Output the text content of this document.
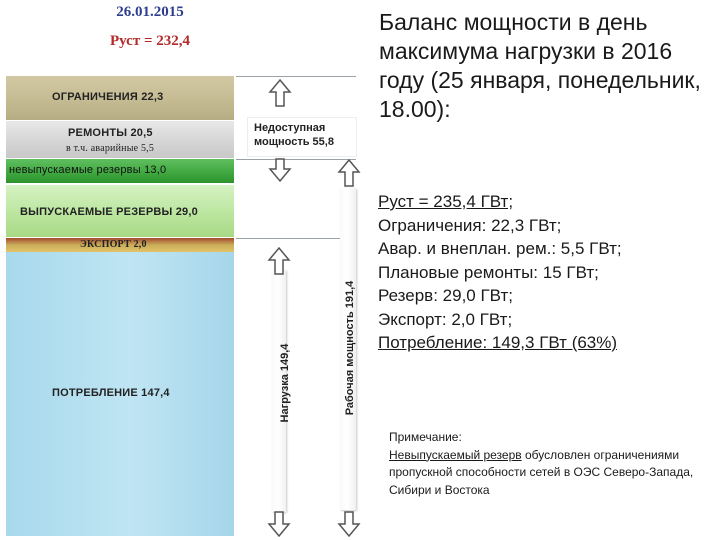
26.01.2015
Руст = 232,4
ОГРАНИЧЕНИЯ 22,3
РЕМОНТЫ 20,5
в т.ч. аварийные 5,5
невыпускаемые резервы 13,0
ВЫПУСКАЕМЫЕ РЕЗЕРВЫ 29,0
ЭКСПОРТ 2,0
ПОТРЕБЛЕНИЕ 147,4
Недоступная
мощность 55,8
Нагрузка 149,4	Рабочая мощность 191,4
Баланс мощности в день максимума нагрузки в 2016 году (25 января, понедельник, 18.00):
Руст = 235,4 ГВт;
Ограничения: 22,3 ГВт;
Авар. и внеплан. рем.: 5,5 ГВт;
Плановые ремонты: 15 ГВт;
Резерв: 29,0 ГВт;
Экспорт: 2,0 ГВт;
Потребление: 149,3 ГВт (63%)
Примечание:
Невыпускаемый резерв обусловлен ограничениями пропускной способности сетей в ОЭС Северо-Запада, Сибири и Востока
